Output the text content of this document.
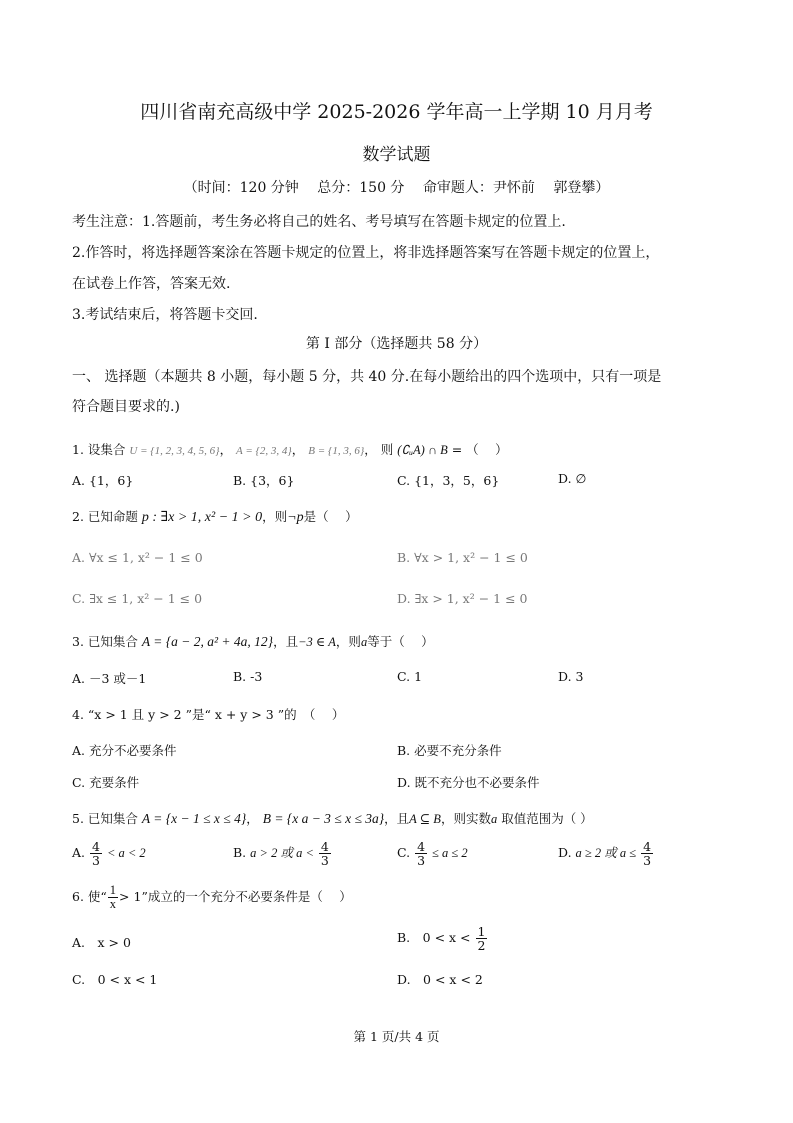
四川省南充高级中学 2025-2026 学年高一上学期 10 月月考
数学试题
（时间：120 分钟　 总分：150 分　 命审题人：尹怀前　 郭登攀）
考生注意：1.答题前，考生务必将自己的姓名、考号填写在答题卡规定的位置上.
2.作答时，将选择题答案涂在答题卡规定的位置上，将非选择题答案写在答题卡规定的位置上，
在试卷上作答，答案无效.
3.考试结束后，将答题卡交回.
第 I 部分（选择题共 58 分）
一、 选择题（本题共 8 小题，每小题 5 分，共 40 分.在每小题给出的四个选项中，只有一项是
符合题目要求的.)
1. 设集合 U = {1, 2, 3, 4, 5, 6}， A = {2, 3, 4}， B = {1, 3, 6}， 则 (∁ᵤA) ∩ B = （　 ）
A. {1，6}	B. {3，6}	C. {1，3，5，6}	D. ∅
2. 已知命题 p : ∃x > 1, x² − 1 > 0，则¬p是（　 ）
A. ∀x ≤ 1, x² − 1 ≤ 0	B. ∀x > 1, x² − 1 ≤ 0
C. ∃x ≤ 1, x² − 1 ≤ 0	D. ∃x > 1, x² − 1 ≤ 0
3. 已知集合 A = {a − 2, a² + 4a, 12}，且−3 ∈ A，则a等于（　 ）
A. －3 或－1	B. -3	C. 1	D. 3
4. “x > 1 且 y > 2 ”是“ x + y > 3 ”的　（　 ）
A. 充分不必要条件	B. 必要不充分条件
C. 充要条件	D. 既不充分也不必要条件
5. 已知集合 A = {x − 1 ≤ x ≤ 4}， B = {x a − 3 ≤ x ≤ 3a}，且A ⊆ B，则实数a 取值范围为（ ）
A. $\frac{4}{3} < a < 2$	B. a > 2 或 $a < \frac{4}{3}$	C. $\frac{4}{3} \le a \le 2$	D. a ≥ 2 或 $a \le \frac{4}{3}$
6. 使“ $\frac{1}{x} > 1$”成立的一个充分不必要条件是（　 ）
A.　x > 0	B.　$0 < x < \frac{1}{2}$
C.　0 < x < 1	D.　0 < x < 2
第 1 页/共 4 页
